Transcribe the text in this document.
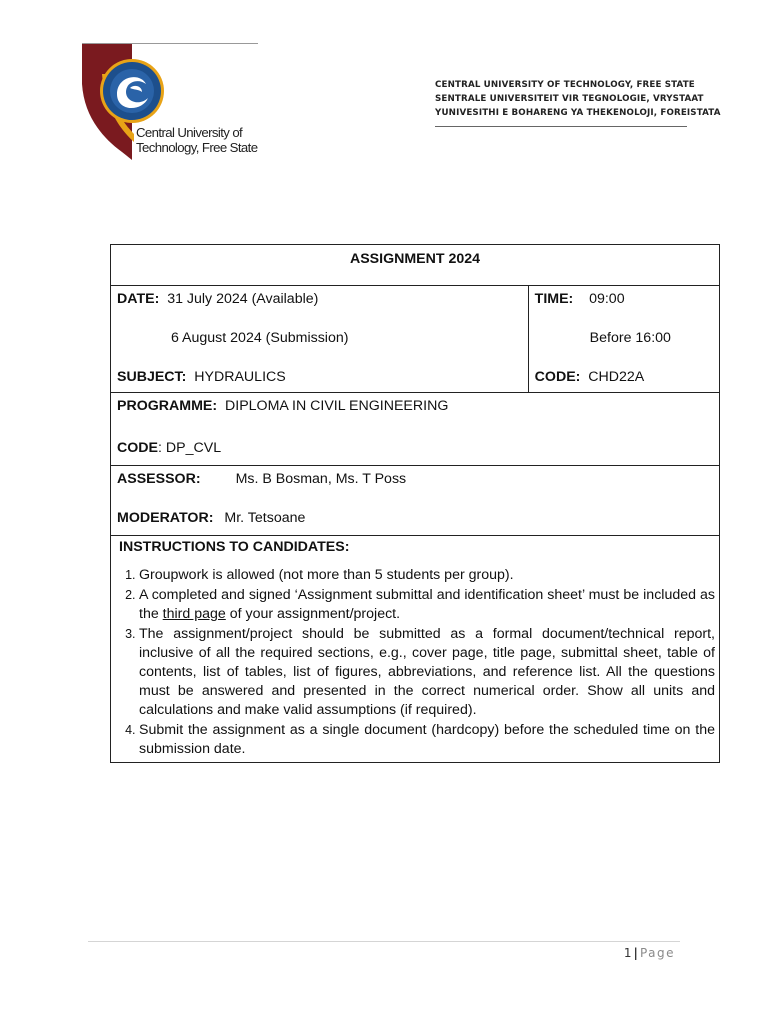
Central University of
Technology, Free State
CENTRAL UNIVERSITY OF TECHNOLOGY, FREE STATE
SENTRALE UNIVERSITEIT VIR TEGNOLOGIE, VRYSTAAT
YUNIVESITHI E BOHARENG YA THEKENOLOJI, FOREISTATA
ASSIGNMENT 2024

DATE: 31 July 2024 (Available)
6 August 2024 (Submission)
SUBJECT: HYDRAULICS

TIME: 09:00
Before 16:00
CODE: CHD22A

PROGRAMME: DIPLOMA IN CIVIL ENGINEERING
CODE: DP_CVL

ASSESSOR: Ms. B Bosman, Ms. T Poss
MODERATOR: Mr. Tetsoane

INSTRUCTIONS TO CANDIDATES:
1. Groupwork is allowed (not more than 5 students per group).
2. A completed and signed ‘Assignment submittal and identification sheet’ must be included as the third page of your assignment/project.
3. The assignment/project should be submitted as a formal document/technical report, inclusive of all the required sections, e.g., cover page, title page, submittal sheet, table of contents, list of tables, list of figures, abbreviations, and reference list. All the questions must be answered and presented in the correct numerical order. Show all units and calculations and make valid assumptions (if required).
4. Submit the assignment as a single document (hardcopy) before the scheduled time on the submission date.
1 | Page
